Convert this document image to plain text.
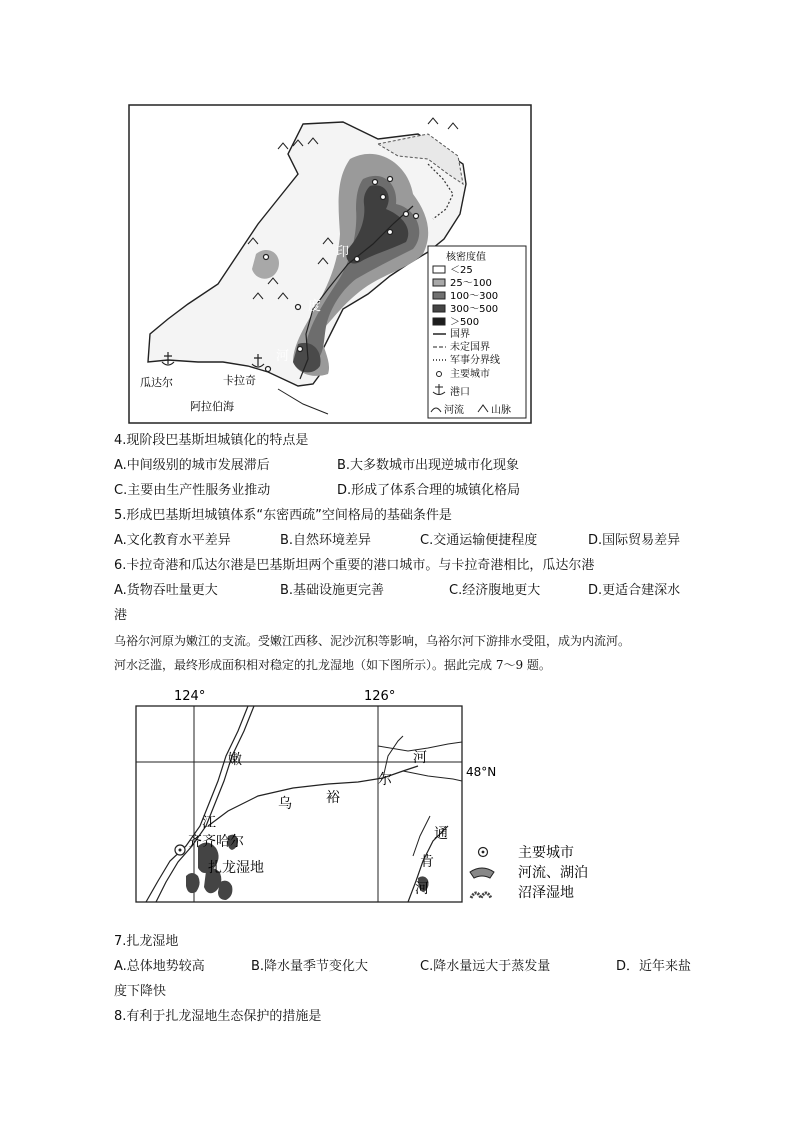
核密度值
＜25
25～100
100～300
300～500
＞500
国界
未定国界
军事分界线
主要城市
港口
河流	山脉
瓜达尔	卡拉奇
阿拉伯海
印
度
河
4.现阶段巴基斯坦城镇化的特点是
A.中间级别的城市发展滞后	B.大多数城市出现逆城市化现象
C.主要由生产性服务业推动	D.形成了体系合理的城镇化格局
5.形成巴基斯坦城镇体系“东密西疏”空间格局的基础条件是
A.文化教育水平差异	B.自然环境差异	C.交通运输便捷程度	D.国际贸易差异
6.卡拉奇港和瓜达尔港是巴基斯坦两个重要的港口城市。与卡拉奇港相比，瓜达尔港
A.货物吞吐量更大	B.基础设施更完善	C.经济腹地更大	D.更适合建深水
港
乌裕尔河原为嫩江的支流。受嫩江西移、泥沙沉积等影响，乌裕尔河下游排水受阻，成为内流河。
河水泛滥，最终形成面积相对稳定的扎龙湿地（如下图所示）。据此完成 7～9 题。
124°	126°
48°N
嫩
江
齐齐哈尔
扎龙湿地
乌 裕
尔
河
通
肯
河
主要城市
河流、湖泊
沼泽湿地
7.扎龙湿地
A.总体地势较高	B.降水量季节变化大	C.降水量远大于蒸发量	D．近年来盐
度下降快
8.有利于扎龙湿地生态保护的措施是
